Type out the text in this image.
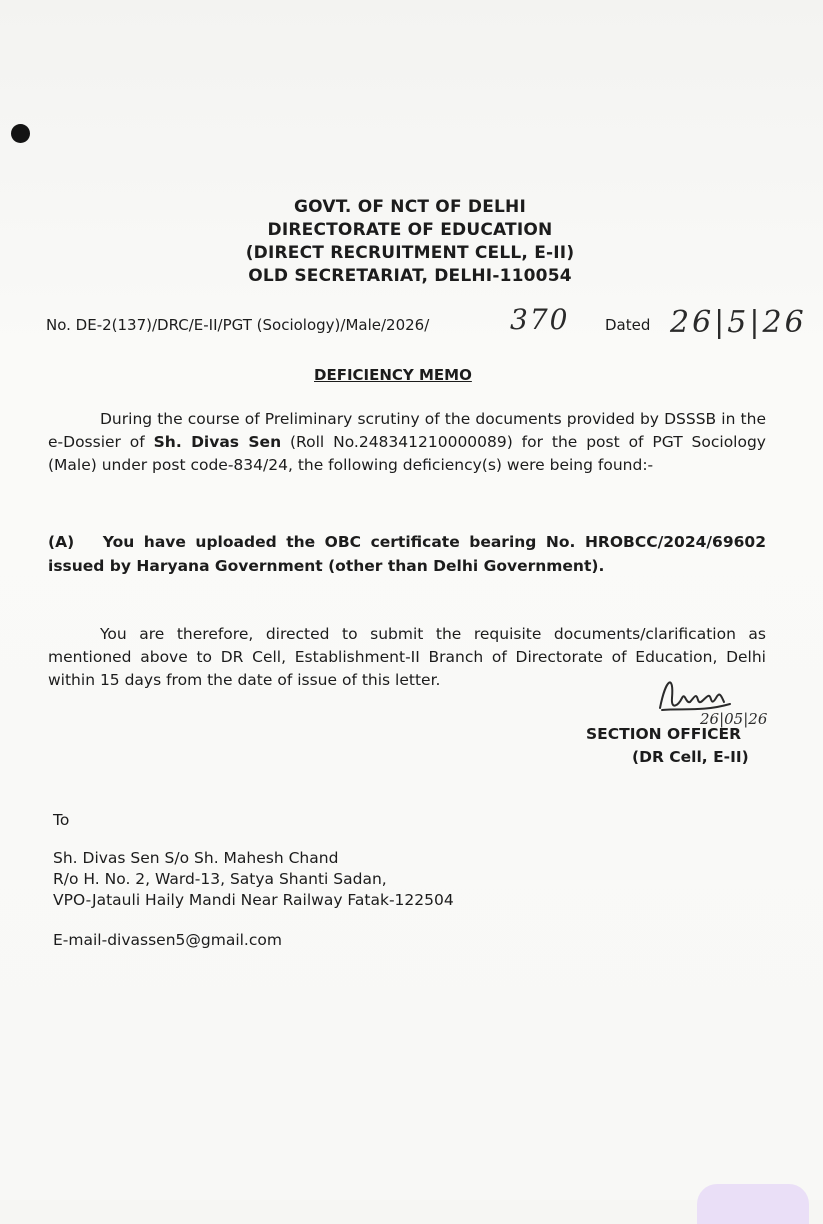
GOVT. OF NCT OF DELHI
DIRECTORATE OF EDUCATION
(DIRECT RECRUITMENT CELL, E-II)
OLD SECRETARIAT, DELHI-110054
No. DE-2(137)/DRC/E-II/PGT (Sociology)/Male/2026/	370 Dated 26|5|26
DEFICIENCY MEMO
During the course of Preliminary scrutiny of the documents provided by DSSSB in the e-Dossier of Sh. Divas Sen (Roll No.248341210000089) for the post of PGT Sociology (Male) under post code-834/24, the following deficiency(s) were being found:-
(A) You have uploaded the OBC certificate bearing No. HROBCC/2024/69602 issued by Haryana Government (other than Delhi Government).
You are therefore, directed to submit the requisite documents/clarification as mentioned above to DR Cell, Establishment-II Branch of Directorate of Education, Delhi within 15 days from the date of issue of this letter.
26|05|26
SECTION OFFICER
(DR Cell, E-II)
To
Sh. Divas Sen S/o Sh. Mahesh Chand
R/o H. No. 2, Ward-13, Satya Shanti Sadan,
VPO-Jatauli Haily Mandi Near Railway Fatak-122504
E-mail-divassen5@gmail.com
